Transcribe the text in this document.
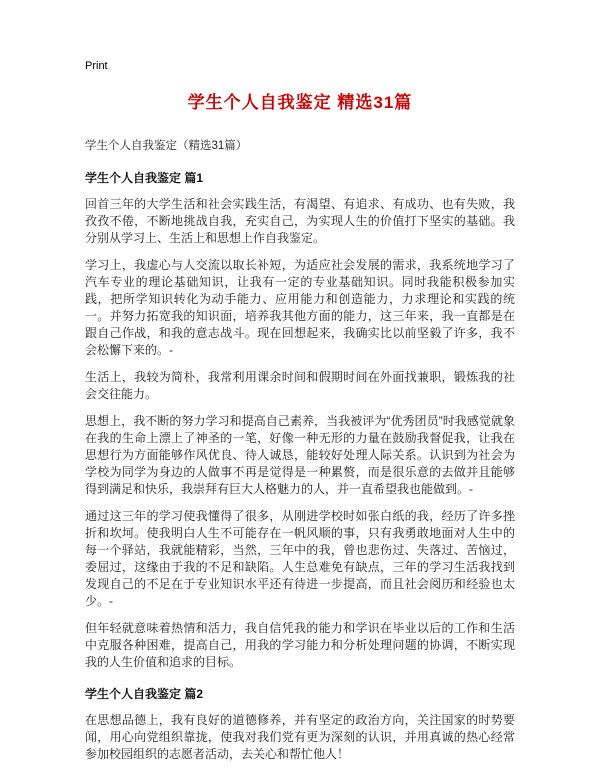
Print
学生个人自我鉴定 精选31篇
学生个人自我鉴定（精选31篇）
学生个人自我鉴定 篇1

回首三年的大学生活和社会实践生活，有渴望、有追求、有成功、也有失败，我孜孜不倦，不断地挑战自我，充实自己，为实现人生的价值打下坚实的基础。我分别从学习上、生活上和思想上作自我鉴定。

学习上，我虚心与人交流以取长补短，为适应社会发展的需求，我系统地学习了汽车专业的理论基础知识，让我有一定的专业基础知识。同时我能积极参加实践，把所学知识转化为动手能力、应用能力和创造能力，力求理论和实践的统一。并努力拓宽我的知识面，培养我其他方面的能力，这三年来，我一直都是在跟自己作战，和我的意志战斗。现在回想起来，我确实比以前坚毅了许多，我不会松懈下来的。-

生活上，我较为简朴，我常利用课余时间和假期时间在外面找兼职，锻炼我的社会交往能力。

思想上，我不断的努力学习和提高自己素养，当我被评为“优秀团员”时我感觉就象在我的生命上漂上了神圣的一笔，好像一种无形的力量在鼓励我督促我，让我在思想行为方面能够作风优良、待人诚恳，能较好处理人际关系。认识到为社会为学校为同学为身边的人做事不再是觉得是一种累赘，而是很乐意的去做并且能够得到满足和快乐，我崇拜有巨大人格魅力的人，并一直希望我也能做到。-

通过这三年的学习使我懂得了很多，从刚进学校时如张白纸的我，经历了许多挫折和坎坷。使我明白人生不可能存在一帆风顺的事，只有我勇敢地面对人生中的每一个驿站，我就能精彩，当然，三年中的我，曾也悲伤过、失落过、苦恼过，委屈过，这缘由于我的不足和缺陷。人生总难免有缺点，三年的学习生活我找到发现自己的不足在于专业知识水平还有待进一步提高，而且社会阅历和经验也太少。-

但年轻就意味着热情和活力，我自信凭我的能力和学识在毕业以后的工作和生活中克服各种困难，提高自己，用我的学习能力和分析处理问题的协调，不断实现我的人生价值和追求的目标。

学生个人自我鉴定 篇2

在思想品德上，我有良好的道德修养，并有坚定的政治方向，关注国家的时势要闻，用心向党组织靠拢，使我对我们党有更为深刻的认识，并用真诚的热心经常参加校园组织的志愿者活动，去关心和帮忙他人！
